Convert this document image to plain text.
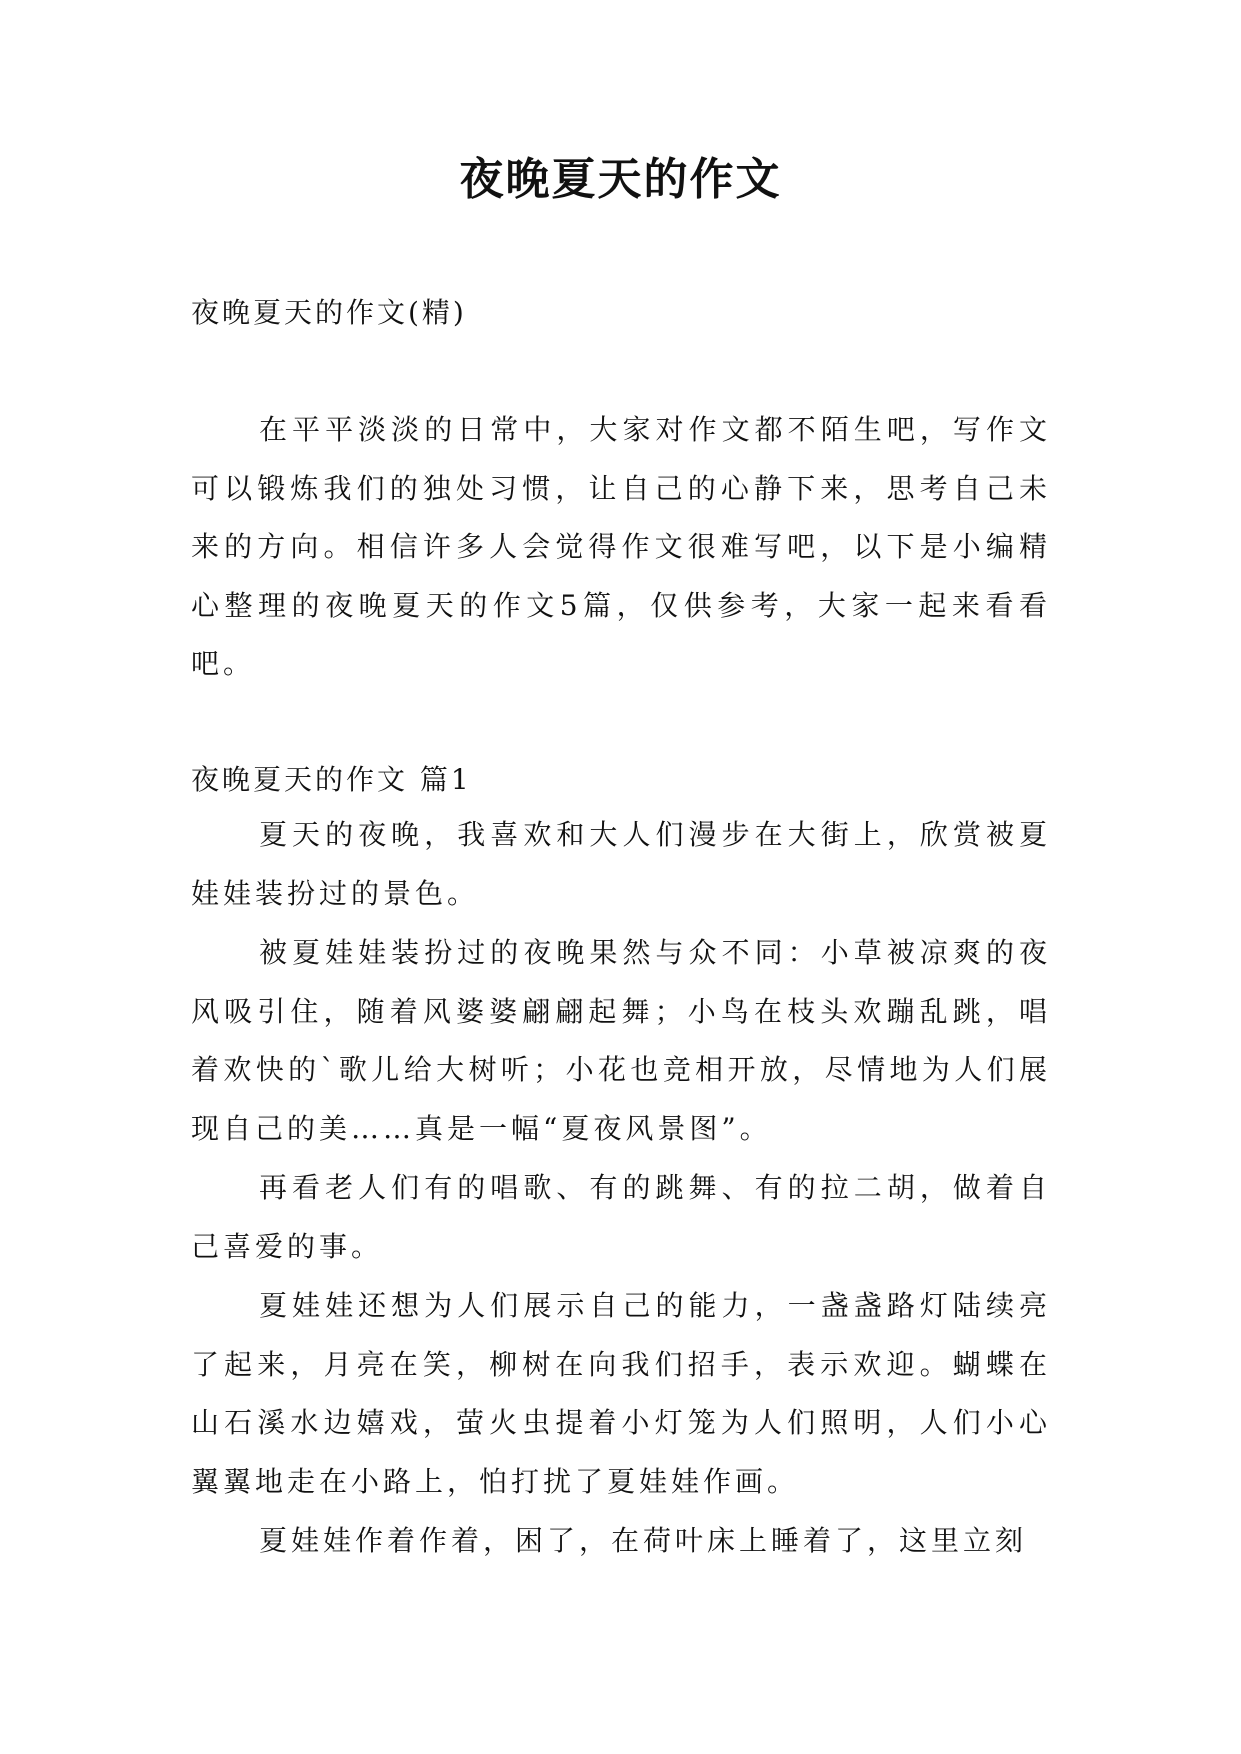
夜晚夏天的作文
夜晚夏天的作文(精)

在平平淡淡的日常中，大家对作文都不陌生吧，写作文可以锻炼我们的独处习惯，让自己的心静下来，思考自己未来的方向。相信许多人会觉得作文很难写吧，以下是小编精心整理的夜晚夏天的作文5篇，仅供参考，大家一起来看看吧。

夜晚夏天的作文 篇1

夏天的夜晚，我喜欢和大人们漫步在大街上，欣赏被夏娃娃装扮过的景色。

被夏娃娃装扮过的夜晚果然与众不同：小草被凉爽的夜风吸引住，随着风婆婆翩翩起舞；小鸟在枝头欢蹦乱跳，唱着欢快的`歌儿给大树听；小花也竞相开放，尽情地为人们展现自己的美……真是一幅“夏夜风景图”。

再看老人们有的唱歌、有的跳舞、有的拉二胡，做着自己喜爱的事。

夏娃娃还想为人们展示自己的能力，一盏盏路灯陆续亮了起来，月亮在笑，柳树在向我们招手，表示欢迎。蝴蝶在山石溪水边嬉戏，萤火虫提着小灯笼为人们照明，人们小心翼翼地走在小路上，怕打扰了夏娃娃作画。

夏娃娃作着作着，困了，在荷叶床上睡着了，这里立刻
